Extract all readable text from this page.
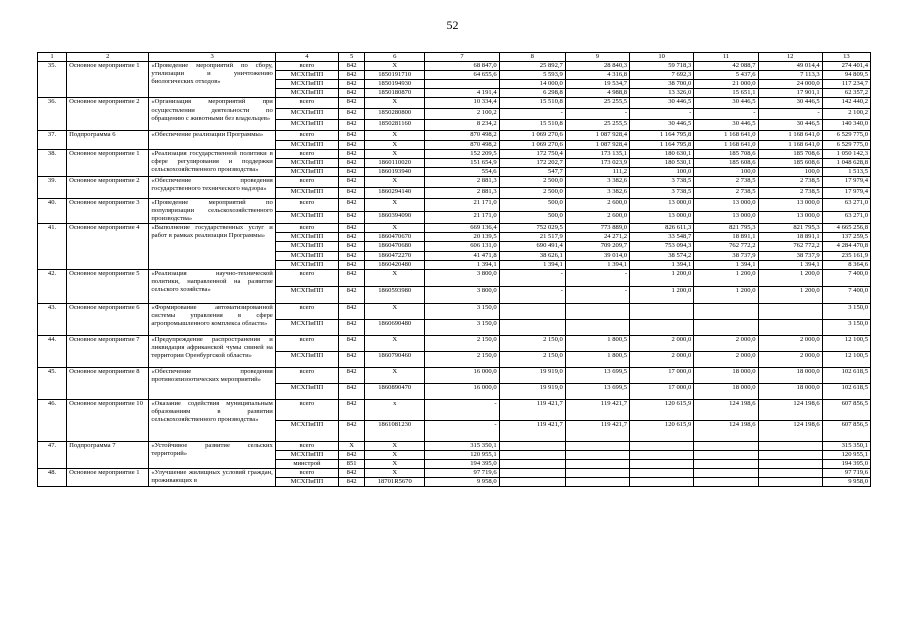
52
1	2	3	4	5	6	7	8	9	10	11	12	13
35.	Основное мероприятие 1	«Проведение мероприятий по сбору, утилизации и уничтожению биологических отходов»	всего	842	X	68 847,0	25 892,7	28 840,3	59 718,3	42 088,7	49 014,4	274 401,4
			МСХПиПП	842	1850191710	64 655,6	5 593,9	4 316,8	7 692,3	5 437,6	7 113,3	94 809,5
			МСХПиПП	842	1850194930		14 000,0	19 534,7	38 700,0	21 000,0	24 000,0	117 234,7
			МСХПиПП	842	1850180870	4 191,4	6 298,8	4 988,8	13 326,0	15 651,1	17 901,1	62 357,2
36.	Основное мероприятие 2	«Организация мероприятий при осуществлении деятельности по обращению с животными без владельцев»	всего	842	X	10 334,4	15 510,8	25 255,5	30 446,5	30 446,5	30 446,5	142 440,2
			МСХПиПП	842	1850280800	2 100,2	-	-	-	-	-	2 100,2
			МСХПиПП	842	1850281160	8 234,2	15 510,8	25 255,5	30 446,5	30 446,5	30 446,5	140 340,0
37.	Подпрограмма 6	«Обеспечение реализации Программы»	всего	842	X	870 498,2	1 069 270,6	1 087 928,4	1 164 795,8	1 168 641,0	1 168 641,0	6 529 775,0
			МСХПиПП	842	X	870 498,2	1 069 270,6	1 087 928,4	1 164 795,8	1 168 641,0	1 168 641,0	6 529 775,0
38.	Основное мероприятие 1	«Реализация государственной политики в сфере регулирования и поддержки сельскохозяйственного производства»	всего	842	X	152 209,5	172 750,4	173 135,1	180 630,1	185 708,6	185 708,6	1 050 142,3
			МСХПиПП	842	1860110020	151 654,9	172 202,7	173 023,9	180 530,1	185 608,6	185 608,6	1 048 628,8
			МСХПиПП	842	1860193940	554,6	547,7	111,2	100,0	100,0	100,0	1 513,5
39.	Основное мероприятие 2	«Обеспечение проведения государственного технического надзора»	всего	842	X	2 881,3	2 500,0	3 382,6	3 738,5	2 738,5	2 738,5	17 979,4
			МСХПиПП	842	1860294140	2 881,3	2 500,0	3 382,6	3 738,5	2 738,5	2 738,5	17 979,4
40.	Основное мероприятие 3	«Проведение мероприятий по популяризации сельскохозяйственного производства»	всего	842	X	21 171,0	500,0	2 600,0	13 000,0	13 000,0	13 000,0	63 271,0
			МСХПиПП	842	1860394090	21 171,0	500,0	2 600,0	13 000,0	13 000,0	13 000,0	63 271,0
41.	Основное мероприятие 4	«Выполнение государственных услуг и работ в рамках реализации Программы»	всего	842	X	669 136,4	752 029,5	773 889,0	826 611,3	821 795,3	821 795,3	4 665 256,8
			МСХПиПП	842	1860470670	20 139,5	21 517,9	24 271,2	33 548,7	18 891,1	18 891,1	137 259,5
			МСХПиПП	842	1860470680	606 131,0	690 491,4	709 209,7	753 094,3	762 772,2	762 772,2	4 284 470,8
			МСХПиПП	842	1860472270	41 471,8	38 626,1	39 014,0	38 574,2	38 737,9	38 737,9	235 161,9
			МСХПиПП	842	1860420480	1 394,1	1 394,1	1 394,1	1 394,1	1 394,1	1 394,1	8 364,6
42.	Основное мероприятие 5	«Реализация научно-технической политики, направленной на развитие сельского хозяйства»	всего	842	X	3 800,0	-	-	1 200,0	1 200,0	1 200,0	7 400,0
			МСХПиПП	842	1860593980	3 800,0	-	-	1 200,0	1 200,0	1 200,0	7 400,0
43.	Основное мероприятие 6	«Формирование автоматизированной системы управления в сфере агропромышленного комплекса области»	всего	842	X	3 150,0						3 150,0
			МСХПиПП	842	1860690480	3 150,0						3 150,0
44.	Основное мероприятие 7	«Предупреждение распространения и ликвидация африканской чумы свиней на территории Оренбургской области»	всего	842	X	2 150,0	2 150,0	1 800,5	2 000,0	2 000,0	2 000,0	12 100,5
			МСХПиПП	842	1860790460	2 150,0	2 150,0	1 800,5	2 000,0	2 000,0	2 000,0	12 100,5
45.	Основное мероприятие 8	«Обеспечение проведения противоэпизоотических мероприятий»	всего	842	X	16 000,0	19 919,0	13 699,5	17 000,0	18 000,0	18 000,0	102 618,5
			МСХПиПП	842	1860890470	16 000,0	19 919,0	13 699,5	17 000,0	18 000,0	18 000,0	102 618,5
46.	Основное мероприятие 10	«Оказание содействия муниципальным образованиям в развитии сельскохозяйственного производства»	всего	842	x	-	119 421,7	119 421,7	120 615,9	124 198,6	124 198,6	607 856,5
			МСХПиПП	842	1861081230	-	119 421,7	119 421,7	120 615,9	124 198,6	124 198,6	607 856,5
47.	Подпрограмма 7	«Устойчивое развитие сельских территорий»	всего	X	X	315 350,1						315 350,1
			МСХПиПП	842	X	120 955,1						120 955,1
			минстрой	851	X	194 395,0						194 395,0
48.	Основное мероприятие 1	«Улучшение жилищных условий граждан, проживающих в	всего	842	X	97 719,6						97 719,6
			МСХПиПП	842	18701R5670	9 958,0						9 958,0
